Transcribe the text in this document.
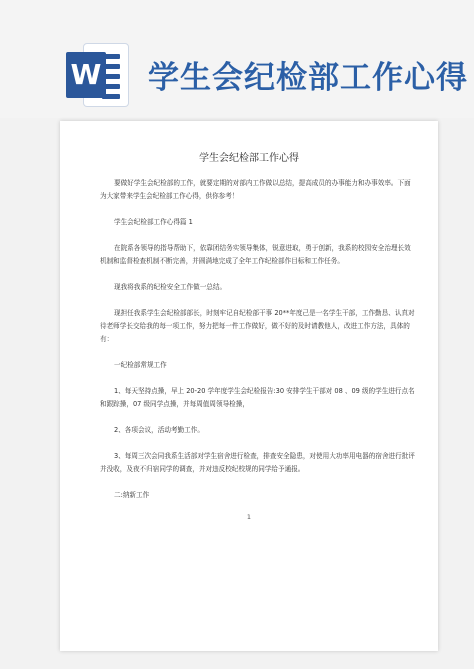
W 学生会纪检部工作心得
学生会纪检部工作心得

要做好学生会纪检部的工作，就要定期的对部内工作做以总结，提高成员的办事能力和办事效率。下面为大家带来学生会纪检部工作心得，供你参考！

学生会纪检部工作心得篇 1

在院系各领导的指导帮助下，依靠团结务实领导集体，锐意进取，勇于创新，我系的校园安全治理长效机制和监督检查机制不断完善，并圆满地完成了全年工作纪检部作目标和工作任务。

现我将我系的纪检安全工作做一总结。

现担任我系学生会纪检部部长，时刻牢记自纪检部干事 20**年度己是一名学生干部，工作勤恳、认真对待老师学长交给我的每一项工作，努力把每一件工作做好，做不好的及时请教他人，改进工作方法，具体的有：

一纪检部常规工作

1、每天坚持点操，早上 20-20 学年度学生会纪检报告:30 安排学生干部对 08 、09 级的学生进行点名和跟踪操，07 级同学点操，并每周值周领导检操，

2、各项会议，活动考勤工作。

3、每周三次会同我系生活部对学生宿舍进行检查，排查安全隐患，对使用大功率用电器的宿舍进行批评并没收，及夜不归宿同学的调查，并对违反校纪校规的同学给予通报。

二:纳新工作

1
